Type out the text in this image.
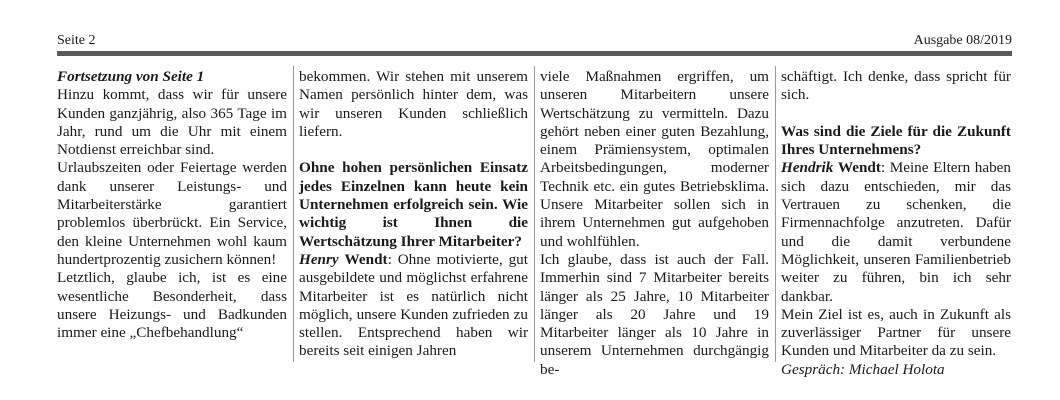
Seite 2	Ausgabe 08/2019

Fortsetzung von Seite 1

Hinzu kommt, dass wir für unsere Kunden ganzjährig, also 365 Tage im Jahr, rund um die Uhr mit einem Notdienst erreichbar sind.

Urlaubszeiten oder Feiertage werden dank unserer Leistungs- und Mitarbeiterstärke garantiert problemlos überbrückt. Ein Service, den kleine Unternehmen wohl kaum hundertprozentig zusichern können!

Letztlich, glaube ich, ist es eine wesentliche Besonderheit, dass unsere Heizungs- und Badkunden immer eine „Chefbehandlung“

bekommen. Wir stehen mit unserem Namen persönlich hinter dem, was wir unseren Kunden schließlich liefern.

Ohne hohen persönlichen Einsatz jedes Einzelnen kann heute kein Unternehmen erfolgreich sein. Wie wichtig ist Ihnen die Wertschätzung Ihrer Mitarbeiter?

Henry Wendt: Ohne motivierte, gut ausgebildete und möglichst erfahrene Mitarbeiter ist es natürlich nicht möglich, unsere Kunden zufrieden zu stellen. Entsprechend haben wir bereits seit einigen Jahren

viele Maßnahmen ergriffen, um unseren Mitarbeitern unsere Wertschätzung zu vermitteln. Dazu gehört neben einer guten Bezahlung, einem Prämiensystem, optimalen Arbeitsbedingungen, moderner Technik etc. ein gutes Betriebsklima. Unsere Mitarbeiter sollen sich in ihrem Unternehmen gut aufgehoben und wohlfühlen.

Ich glaube, dass ist auch der Fall. Immerhin sind 7 Mitarbeiter bereits länger als 25 Jahre, 10 Mitarbeiter länger als 20 Jahre und 19 Mitarbeiter länger als 10 Jahre in unserem Unternehmen durchgängig be-

schäftigt. Ich denke, dass spricht für sich.

Was sind die Ziele für die Zukunft Ihres Unternehmens?

Hendrik Wendt: Meine Eltern haben sich dazu entschieden, mir das Vertrauen zu schenken, die Firmennachfolge anzutreten. Dafür und die damit verbundene Möglichkeit, unseren Familienbetrieb weiter zu führen, bin ich sehr dankbar.

Mein Ziel ist es, auch in Zukunft als zuverlässiger Partner für unsere Kunden und Mitarbeiter da zu sein.

Gespräch: Michael Holota
